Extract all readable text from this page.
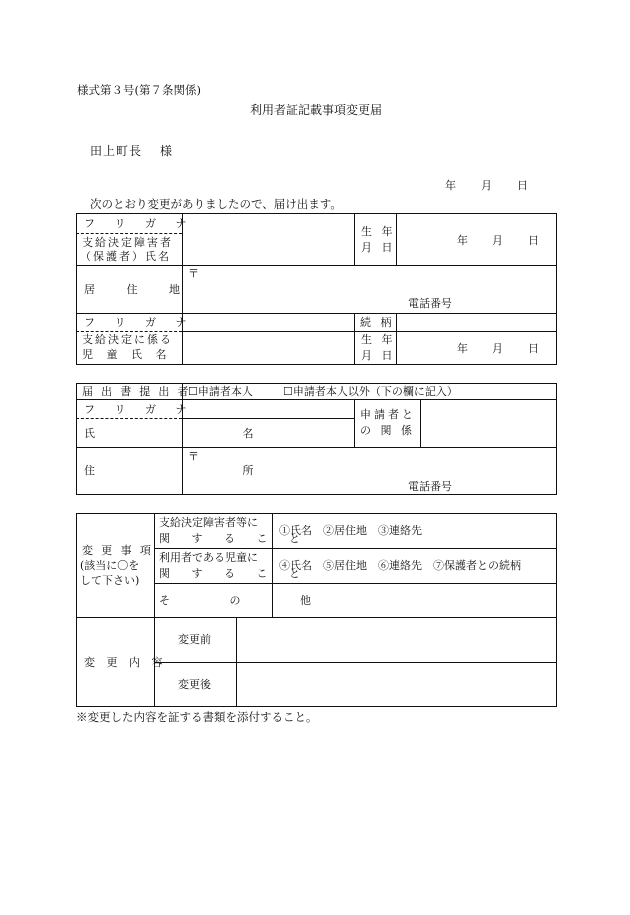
様式第３号(第７条関係)
利用者証記載事項変更届
田上町長 様
年 月 日
次のとおり変更がありましたので、届け出ます。
フ リ ガ ナ
支給決定障害者
（保護者）氏名
生 年
月 日
年 月 日
居 住 地
〒
電話番号
フ リ ガ ナ	続 柄
支給決定に係る
児 童 氏 名
生 年
月 日
年 月 日
届 出 書 提 出 者
☐申請者本人	☐申請者本人以外（下の欄に記入）
フ リ ガ ナ
氏 名
申請者と
の 関 係
住 所
〒
電話番号
変 更 事 項
(該当に〇を
して下さい)
支給決定障害者等に
関 す る こ と
①氏名　②居住地　③連絡先
利用者である児童に
関 す る こ と
④氏名　⑤居住地　⑥連絡先　⑦保護者との続柄
そ の 他
変 更 内 容
変更前
変更後
※変更した内容を証する書類を添付すること。
